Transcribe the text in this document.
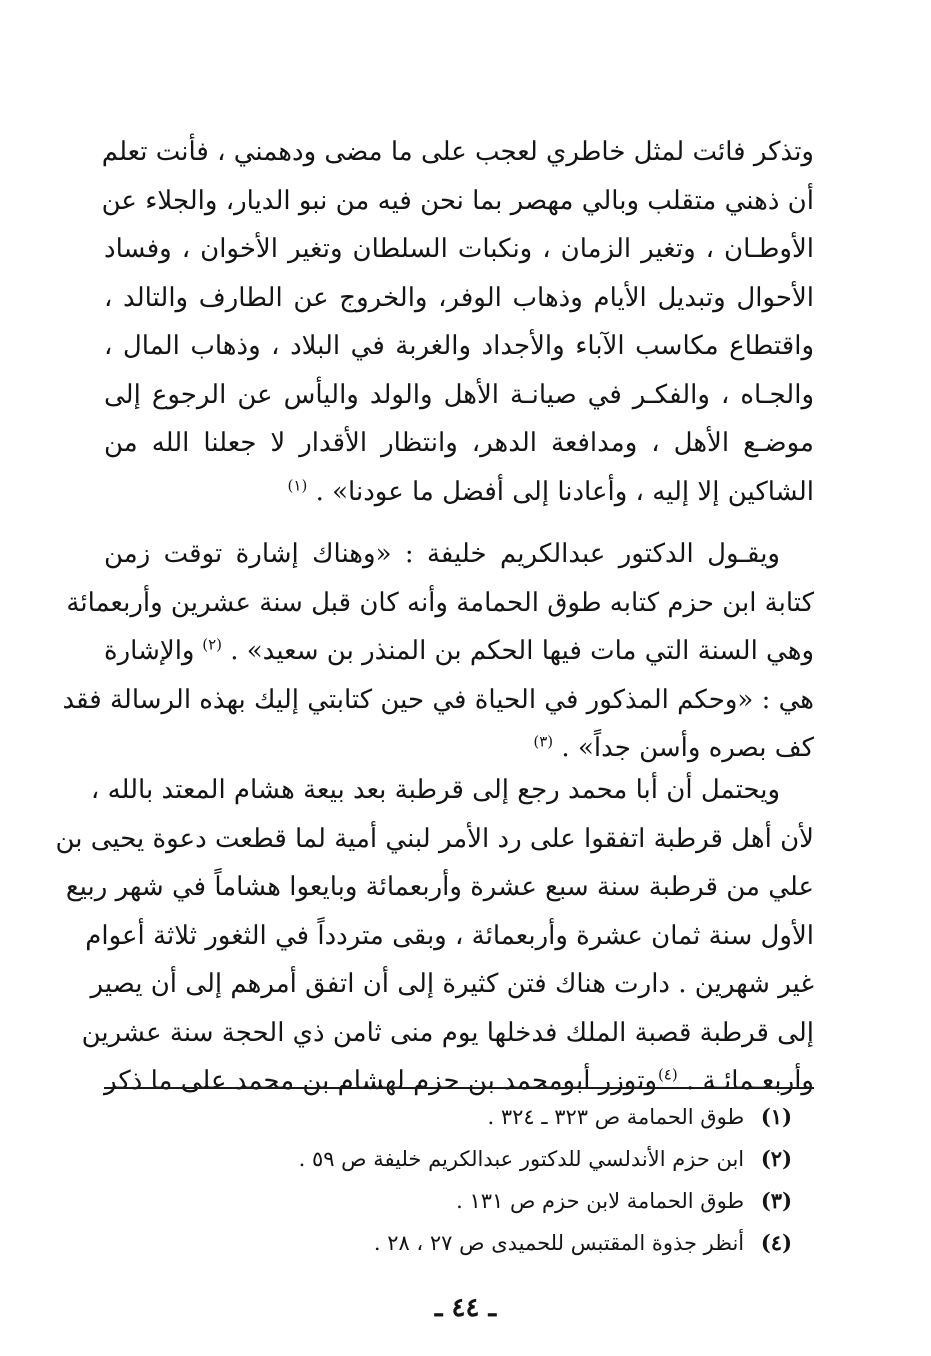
وتذكر فائت لمثل خاطري لعجب على ما مضى ودهمني ، فأنت تعلم
أن ذهني متقلب وبالي مهصر بما نحن فيه من نبو الديار، والجلاء عن
الأوطـان ، وتغير الزمان ، ونكبات السلطان وتغير الأخوان ، وفساد
الأحوال وتبديل الأيام وذهاب الوفر، والخروج عن الطارف والتالد ،
واقتطاع مكاسب الآباء والأجداد والغربة في البلاد ، وذهاب المال ،
والجـاه ، والفكـر في صيانـة الأهل والولد واليأس عن الرجوع إلى
موضـع الأهل ، ومدافعة الدهر، وانتظار الأقدار لا جعلنا الله من
الشاكين إلا إليه ، وأعادنا إلى أفضل ما عودنا» . $^{(١)}$
ويقـول الدكتور عبدالكريم خليفة : «وهناك إشارة توقت زمن
كتابة ابن حزم كتابه طوق الحمامة وأنه كان قبل سنة عشرين وأربعمائة
وهي السنة التي مات فيها الحكم بن المنذر بن سعيد» . $^{(٢)}$
والإشارة
هي : «وحكم المذكور في الحياة في حين كتابتي إليك بهذه الرسالة فقد
كف بصره وأسن جداً» . $^{(٣)}$
ويحتمل أن أبا محمد رجع إلى قرطبة بعد بيعة هشام المعتد بالله ،
لأن أهل قرطبة اتفقوا على رد الأمر لبني أمية لما قطعت دعوة يحيى بن
علي من قرطبة سنة سبع عشرة وأربعمائة وبايعوا هشاماً في شهر ربيع
الأول سنة ثمان عشرة وأربعمائة ، وبقى متردداً في الثغور ثلاثة أعوام
غير شهرين . دارت هناك فتن كثيرة إلى أن اتفق أمرهم إلى أن يصير
إلى قرطبة قصبة الملك فدخلها يوم منى ثامن ذي الحجة سنة عشرين
وأربعـمائـة . $^{(٤)}$
وتوزر أبومحمد بن حزم لهشام بن محمد على ما ذكر
(١) طوق الحمامة ص ٣٢٣ ـ ٣٢٤ .
(٢) ابن حزم الأندلسي للدكتور عبدالكريم خليفة ص ٥٩ .
(٣) طوق الحمامة لابن حزم ص ١٣١ .
(٤) أنظر جذوة المقتبس للحميدى ص ٢٧ ، ٢٨ .
ـ ٤٤ ـ
